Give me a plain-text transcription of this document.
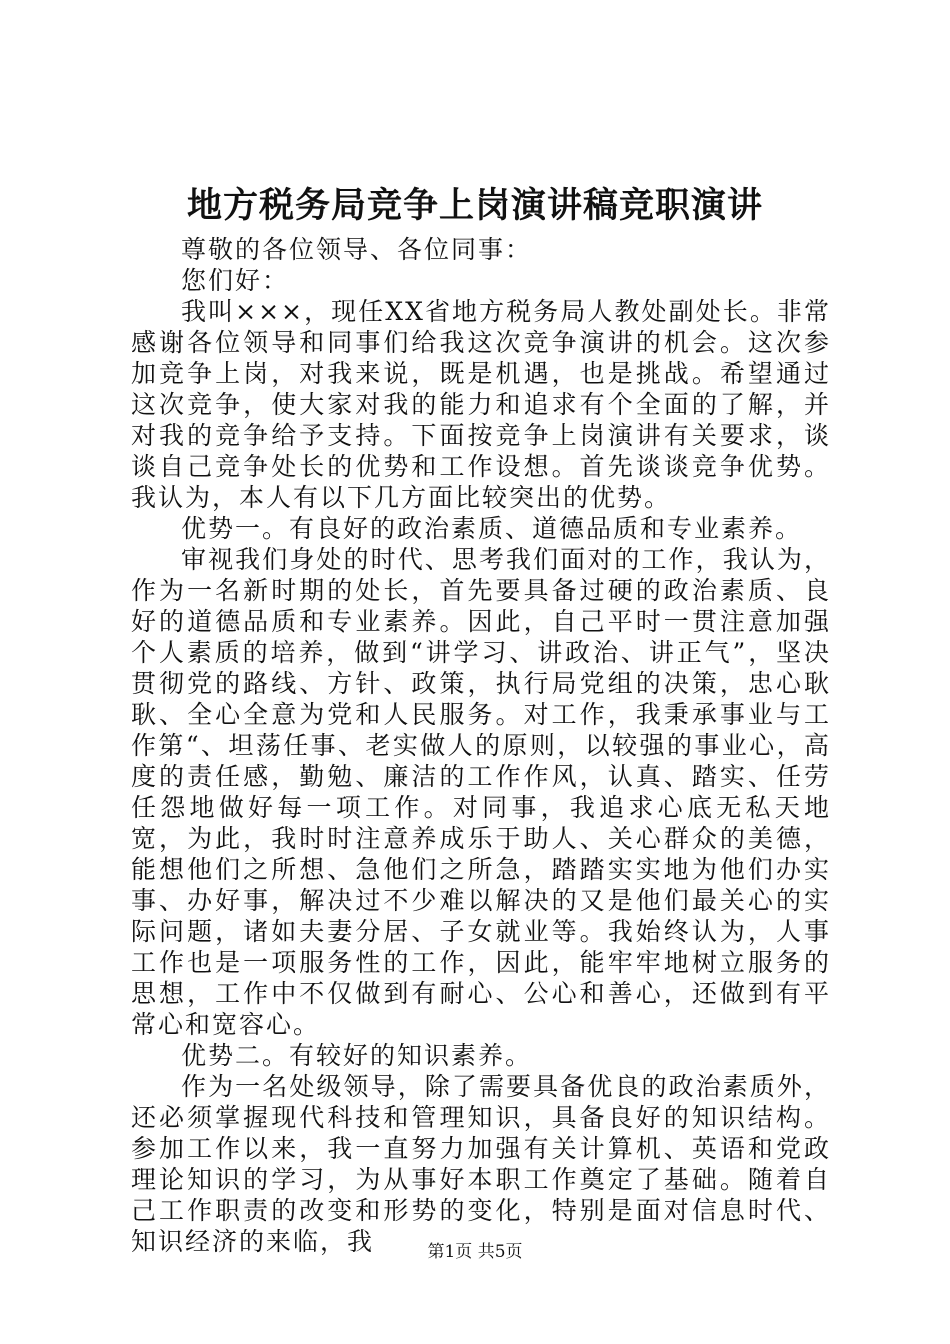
地方税务局竞争上岗演讲稿竞职演讲

尊敬的各位领导、各位同事：

您们好：

我叫×××，现任XX省地方税务局人教处副处长。非常感谢各位领导和同事们给我这次竞争演讲的机会。这次参加竞争上岗，对我来说，既是机遇，也是挑战。希望通过这次竞争，使大家对我的能力和追求有个全面的了解，并对我的竞争给予支持。下面按竞争上岗演讲有关要求，谈谈自己竞争处长的优势和工作设想。首先谈谈竞争优势。我认为，本人有以下几方面比较突出的优势。

优势一。有良好的政治素质、道德品质和专业素养。

审视我们身处的时代、思考我们面对的工作，我认为，作为一名新时期的处长，首先要具备过硬的政治素质、良好的道德品质和专业素养。因此，自己平时一贯注意加强个人素质的培养，做到“讲学习、讲政治、讲正气”，坚决贯彻党的路线、方针、政策，执行局党组的决策，忠心耿耿、全心全意为党和人民服务。对工作，我秉承事业与工作第“、坦荡任事、老实做人的原则，以较强的事业心，高度的责任感，勤勉、廉洁的工作作风，认真、踏实、任劳任怨地做好每一项工作。对同事，我追求心底无私天地宽，为此，我时时注意养成乐于助人、关心群众的美德，能想他们之所想、急他们之所急，踏踏实实地为他们办实事、办好事，解决过不少难以解决的又是他们最关心的实际问题，诸如夫妻分居、子女就业等。我始终认为，人事工作也是一项服务性的工作，因此，能牢牢地树立服务的思想，工作中不仅做到有耐心、公心和善心，还做到有平常心和宽容心。

优势二。有较好的知识素养。

作为一名处级领导，除了需要具备优良的政治素质外，还必须掌握现代科技和管理知识，具备良好的知识结构。参加工作以来，我一直努力加强有关计算机、英语和党政理论知识的学习，为从事好本职工作奠定了基础。随着自己工作职责的改变和形势的变化，特别是面对信息时代、知识经济的来临，我	第1页 共5页
